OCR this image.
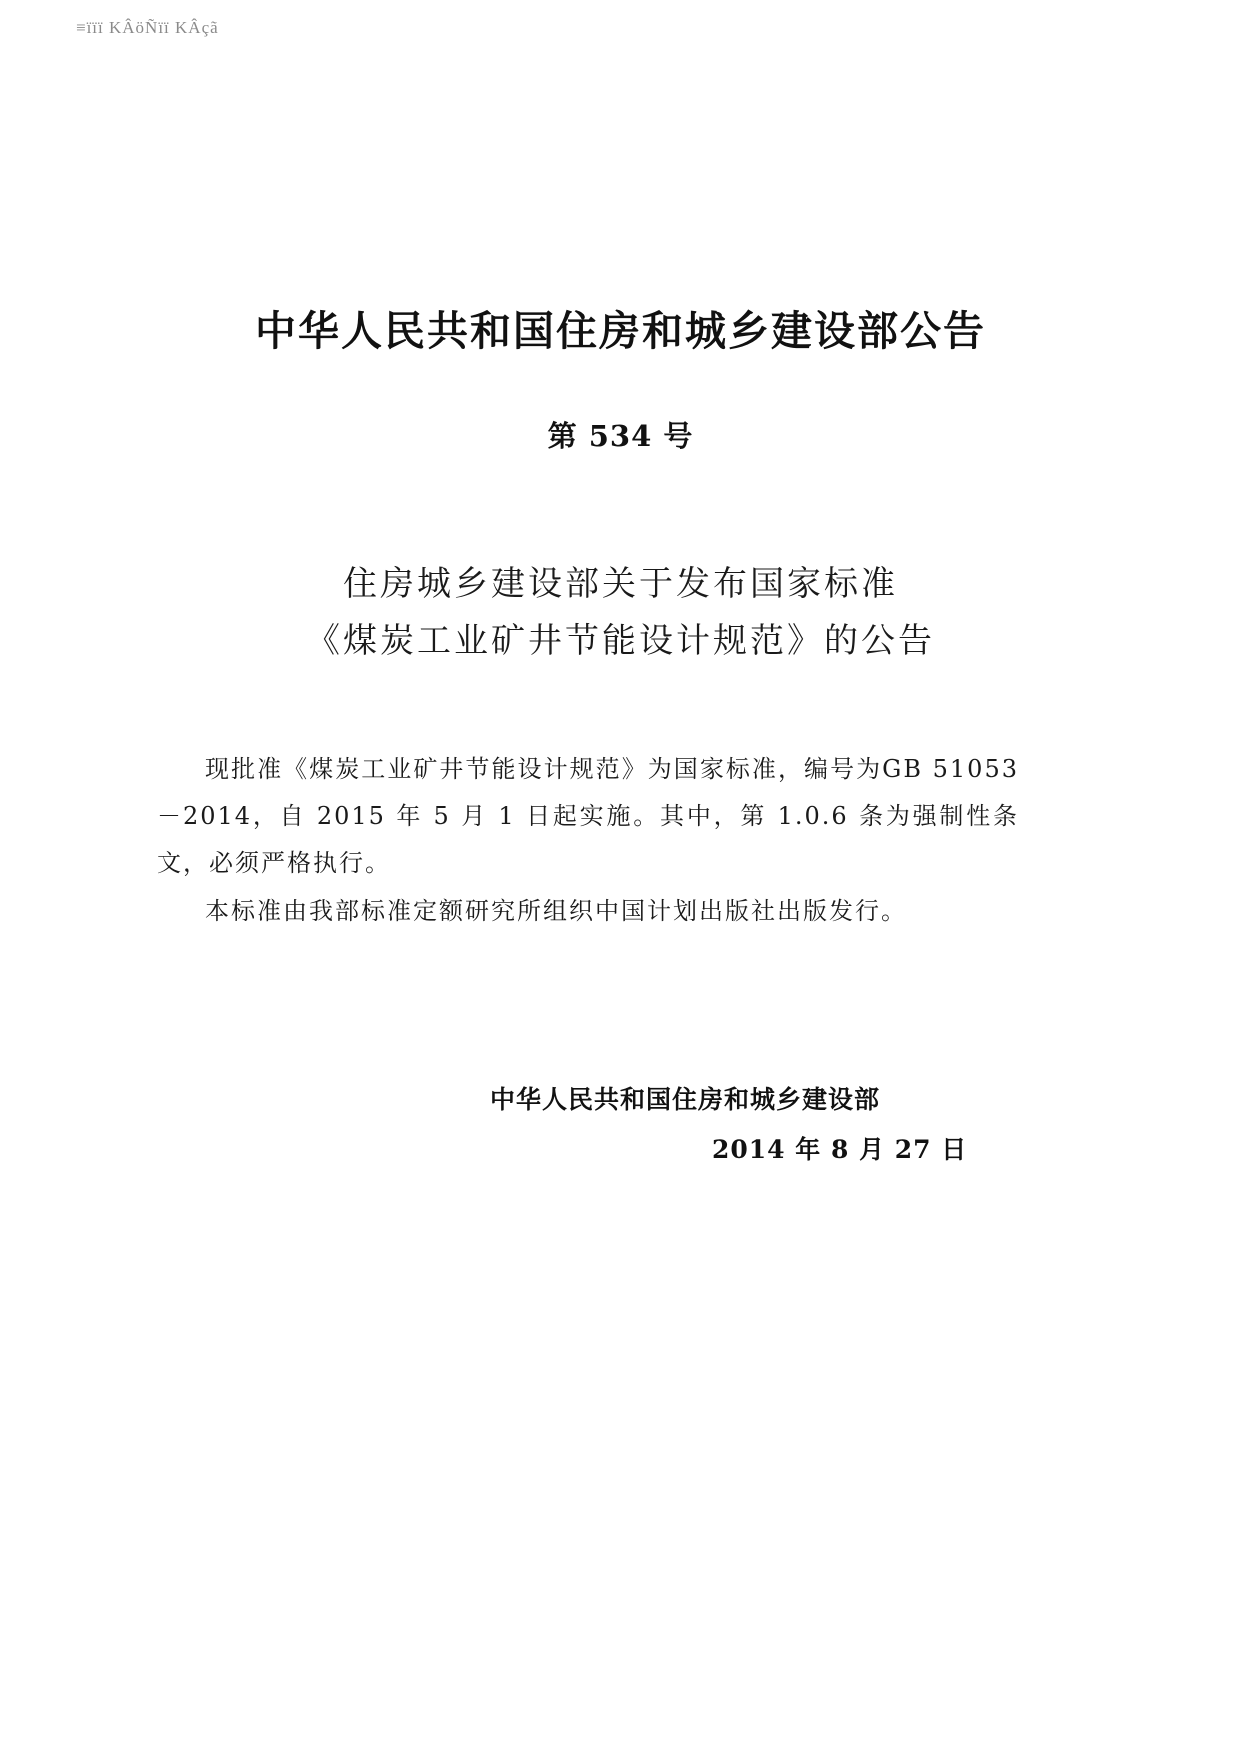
≡ïïï KÂöÑïï KÂçã
中华人民共和国住房和城乡建设部公告
第 534 号
住房城乡建设部关于发布国家标准
《煤炭工业矿井节能设计规范》的公告

现批准《煤炭工业矿井节能设计规范》为国家标准，编号为GB 51053－2014，自 2015 年 5 月 1 日起实施。其中，第 1.0.6 条为强制性条文，必须严格执行。

本标准由我部标准定额研究所组织中国计划出版社出版发行。

中华人民共和国住房和城乡建设部
2014 年 8 月 27 日
